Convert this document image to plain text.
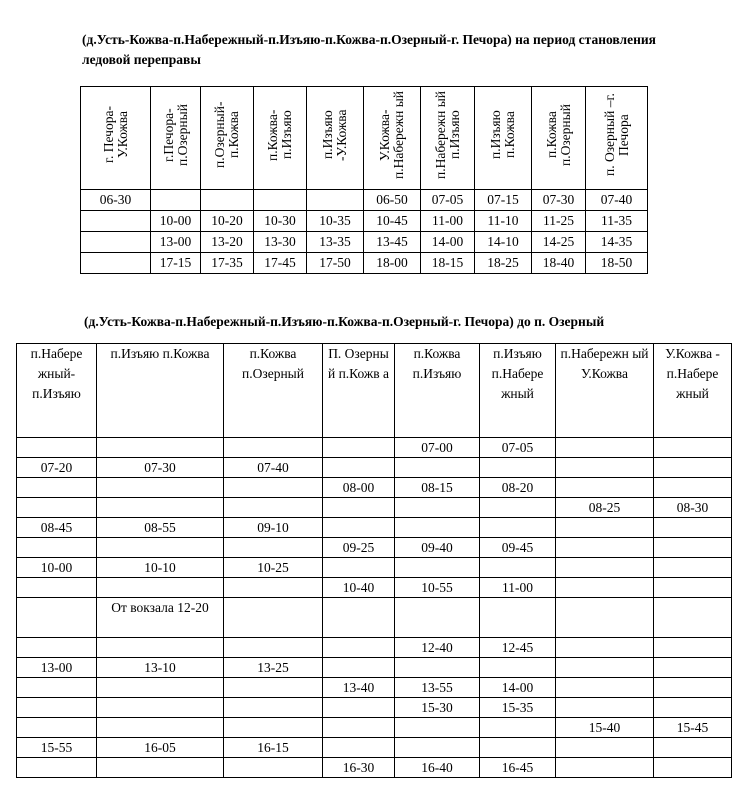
(д.Усть-Кожва-п.Набережный-п.Изъяю-п.Кожва-п.Озерный-г. Печора) на период становления ледовой переправы

г. Печора-У.Кожва	г.Печора-п.Озерный	п.Озерный-п.Кожва	п.Кожва-п.Изъяю	п.Изъяю -У.Кожва	У.Кожва-п.Набережн ый	п.Набережн ый п.Изъяю	п.Изъяю п.Кожва	п.Кожва п.Озерный	п. Озерный –г. Печора
06-30					06-50	07-05	07-15	07-30	07-40
	10-00	10-20	10-30	10-35	10-45	11-00	11-10	11-25	11-35
	13-00	13-20	13-30	13-35	13-45	14-00	14-10	14-25	14-35
	17-15	17-35	17-45	17-50	18-00	18-15	18-25	18-40	18-50

(д.Усть-Кожва-п.Набережный-п.Изъяю-п.Кожва-п.Озерный-г. Печора) до п. Озерный

п.Набере жный-п.Изъяю	п.Изъяю п.Кожва	п.Кожва п.Озерный	П. Озерны й п.Кожв а	п.Кожва п.Изъяю	п.Изъяю п.Набере жный	п.Набережн ый У.Кожва	У.Кожва - п.Набере жный
				07-00	07-05		
07-20	07-30	07-40					
			08-00	08-15	08-20		
						08-25	08-30
08-45	08-55	09-10					
			09-25	09-40	09-45		
10-00	10-10	10-25					
			10-40	10-55	11-00		
	От вокзала 12-20						
				12-40	12-45		
13-00	13-10	13-25					
			13-40	13-55	14-00		
				15-30	15-35		
						15-40	15-45
15-55	16-05	16-15					
			16-30	16-40	16-45		
